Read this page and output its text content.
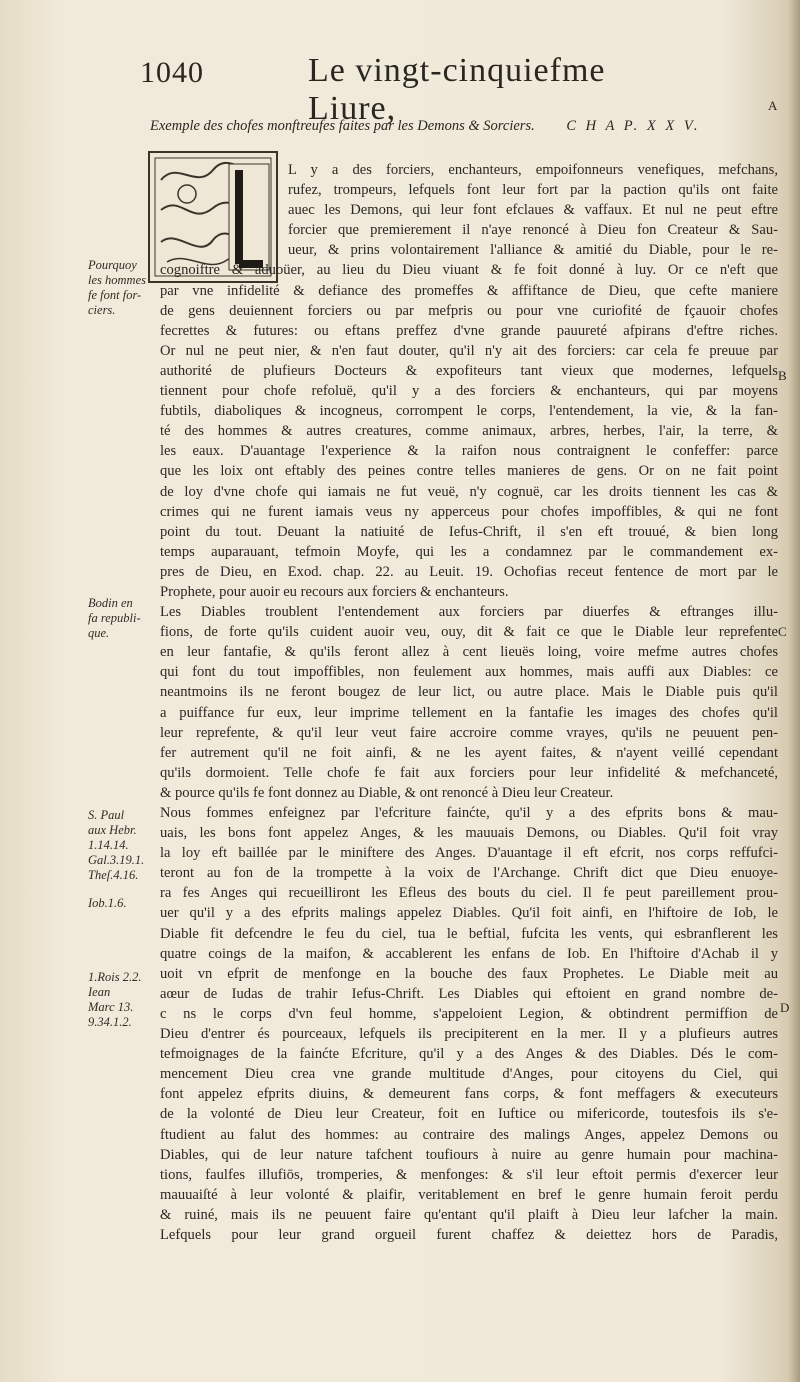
1040	Le vingt-cinquiefme Liure,	A
B
C
D
Exemple des chofes monftreufes faites par les Demons & Sorciers. C H A P. X X V.
Pourquoy
les hommes
fe font for-
ciers.
Bodin en
fa republi-
que.
S. Paul
aux Hebr.
1.14.14.
Gal.3.19.1.
Theſ.4.16.
Iob.1.6.
1.Rois 2.2.
Iean
Marc 13.
9.34.1.2.
L y a des forciers, enchanteurs, empoifonneurs venefiques, mefchans,
rufez, trompeurs, lefquels font leur fort par la paction qu'ils ont faite
auec les Demons, qui leur font efclaues & vaffaux. Et nul ne peut eftre
forcier que premierement il n'aye renoncé à Dieu fon Createur & Sau-
ueur, & prins volontairement l'alliance & amitié du Diable, pour le re-
cognoiftre & aduoüer, au lieu du Dieu viuant & fe foit donné à luy. Or ce n'eft que
par vne infidelité & defiance des promeffes & affiftance de Dieu, que cefte maniere
de gens deuiennent forciers ou par mefpris ou pour vne curiofité de fçauoir chofes
fecrettes & futures: ou eftans preffez d'vne grande pauureté afpirans d'eftre riches.
Or nul ne peut nier, & n'en faut douter, qu'il n'y ait des forciers: car cela fe preuue par
authorité de plufieurs Docteurs & expofiteurs tant vieux que modernes, lefquels
tiennent pour chofe refoluë, qu'il y a des forciers & enchanteurs, qui par moyens
fubtils, diaboliques & incogneus, corrompent le corps, l'entendement, la vie, & la fan-
té des hommes & autres creatures, comme animaux, arbres, herbes, l'air, la terre, &
les eaux. D'auantage l'experience & la raifon nous contraignent le confeffer: parce
que les loix ont eftably des peines contre telles manieres de gens. Or on ne fait point
de loy d'vne chofe qui iamais ne fut veuë, n'y cognuë, car les droits tiennent les cas &
crimes qui ne furent iamais veus ny apperceus pour chofes impoffibles, & qui ne font
point du tout. Deuant la natiuité de Iefus-Chrift, il s'en eft trouué, & bien long
temps auparauant, tefmoin Moyfe, qui les a condamnez par le commandement ex-
pres de Dieu, en Exod. chap. 22. au Leuit. 19. Ochofias receut fentence de mort par le
Prophete, pour auoir eu recours aux forciers & enchanteurs.
Les Diables troublent l'entendement aux forciers par diuerfes & eftranges illu-
fions, de forte qu'ils cuident auoir veu, ouy, dit & fait ce que le Diable leur reprefente
en leur fantafie, & qu'ils feront allez à cent lieuës loing, voire mefme autres chofes
qui font du tout impoffibles, non feulement aux hommes, mais auffi aux Diables: ce
neantmoins ils ne feront bougez de leur lict, ou autre place. Mais le Diable puis qu'il
a puiffance fur eux, leur imprime tellement en la fantafie les images des chofes qu'il
leur reprefente, & qu'il leur veut faire accroire comme vrayes, qu'ils ne peuuent pen-
fer autrement qu'il ne foit ainfi, & ne les ayent faites, & n'ayent veillé cependant
qu'ils dormoient. Telle chofe fe fait aux forciers pour leur infidelité & mefchanceté,
& pource qu'ils fe font donnez au Diable, & ont renoncé à Dieu leur Createur.
Nous fommes enfeignez par l'efcriture fainćte, qu'il y a des efprits bons & mau-
uais, les bons font appelez Anges, & les mauuais Demons, ou Diables. Qu'il foit vray
la loy eft baillée par le miniftere des Anges. D'auantage il eft efcrit, nos corps reffufci-
teront au fon de la trompette à la voix de l'Archange. Chrift dict que Dieu enuoye-
ra fes Anges qui recueilliront les Efleus des bouts du ciel. Il fe peut pareillement prou-
uer qu'il y a des efprits malings appelez Diables. Qu'il foit ainfi, en l'hiftoire de Iob, le
Diable fit defcendre le feu du ciel, tua le beftial, fufcita les vents, qui esbranflerent les
quatre coings de la maifon, & accablerent les enfans de Iob. En l'hiftoire d'Achab il y
uoit vn efprit de menfonge en la bouche des faux Prophetes. Le Diable meit au
aœur de Iudas de trahir Iefus-Chrift. Les Diables qui eftoient en grand nombre de-
c ns le corps d'vn feul homme, s'appeloient Legion, & obtindrent permiffion de
Dieu d'entrer és pourceaux, lefquels ils precipiterent en la mer. Il y a plufieurs autres
tefmoignages de la fainćte Efcriture, qu'il y a des Anges & des Diables. Dés le com-
mencement Dieu crea vne grande multitude d'Anges, pour citoyens du Ciel, qui
font appelez efprits diuins, & demeurent fans corps, & font meffagers & executeurs
de la volonté de Dieu leur Createur, foit en Iuftice ou mifericorde, toutesfois ils s'e-
ftudient au falut des hommes: au contraire des malings Anges, appelez Demons ou
Diables, qui de leur nature tafchent toufiours à nuire au genre humain pour machina-
tions, faulfes illufiōs, tromperies, & menfonges: & s'il leur eftoit permis d'exercer leur
mauuaiſté à leur volonté & plaifir, veritablement en bref le genre humain feroit perdu
& ruiné, mais ils ne peuuent faire qu'entant qu'il plaift à Dieu leur lafcher la main.
Lefquels pour leur grand orgueil furent chaffez & deiettez hors de Paradis,
